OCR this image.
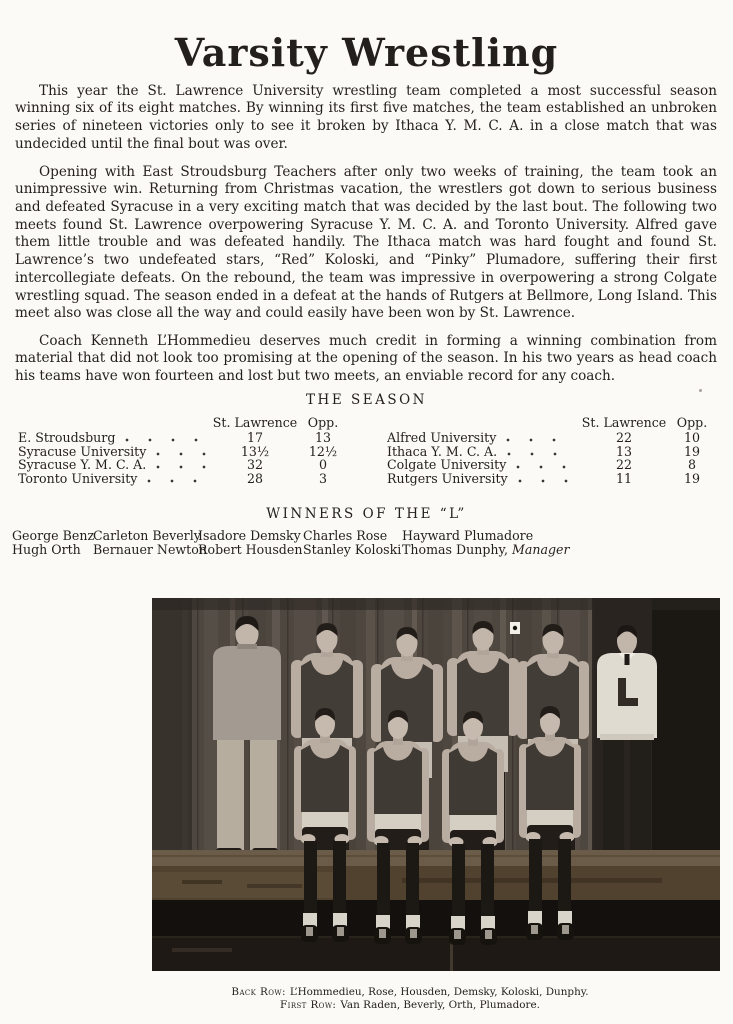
Varsity Wrestling

This year the St. Lawrence University wrestling team completed a most successful season winning six of its eight matches. By winning its first five matches, the team established an unbroken series of nineteen victories only to see it broken by Ithaca Y. M. C. A. in a close match that was undecided until the final bout was over.

Opening with East Stroudsburg Teachers after only two weeks of training, the team took an unimpressive win. Returning from Christmas vacation, the wrestlers got down to serious business and defeated Syracuse in a very exciting match that was decided by the last bout. The following two meets found St. Lawrence overpowering Syracuse Y. M. C. A. and Toronto University. Alfred gave them little trouble and was defeated handily. The Ithaca match was hard fought and found St. Lawrence’s two undefeated stars, “Red” Koloski, and “Pinky” Plumadore, suffering their first intercollegiate defeats. On the rebound, the team was impressive in overpowering a strong Colgate wrestling squad. The season ended in a defeat at the hands of Rutgers at Bellmore, Long Island. This meet also was close all the way and could easily have been won by St. Lawrence.

Coach Kenneth L’Hommedieu deserves much credit in forming a winning combination from material that did not look too promising at the opening of the season. In his two years as head coach his teams have won fourteen and lost but two meets, an enviable record for any coach.

THE SEASON
St. Lawrence Opp.
E. Stroudsburg	17	13
Syracuse University	13½	12½
Syracuse Y. M. C. A.	32	0
Toronto University	28	3
St. Lawrence Opp.
Alfred University	22	10
Ithaca Y. M. C. A.	13	19
Colgate University	22	8
Rutgers University	11	19
WINNERS OF THE “L”
George Benz
Hugh Orth
Carleton Beverly
Bernauer Newton
Isadore Demsky
Robert Housden
Charles Rose
Stanley Koloski
Hayward Plumadore
Thomas Dunphy, Manager
Back Row: L’Hommedieu, Rose, Housden, Demsky, Koloski, Dunphy.
First Row: Van Raden, Beverly, Orth, Plumadore.
